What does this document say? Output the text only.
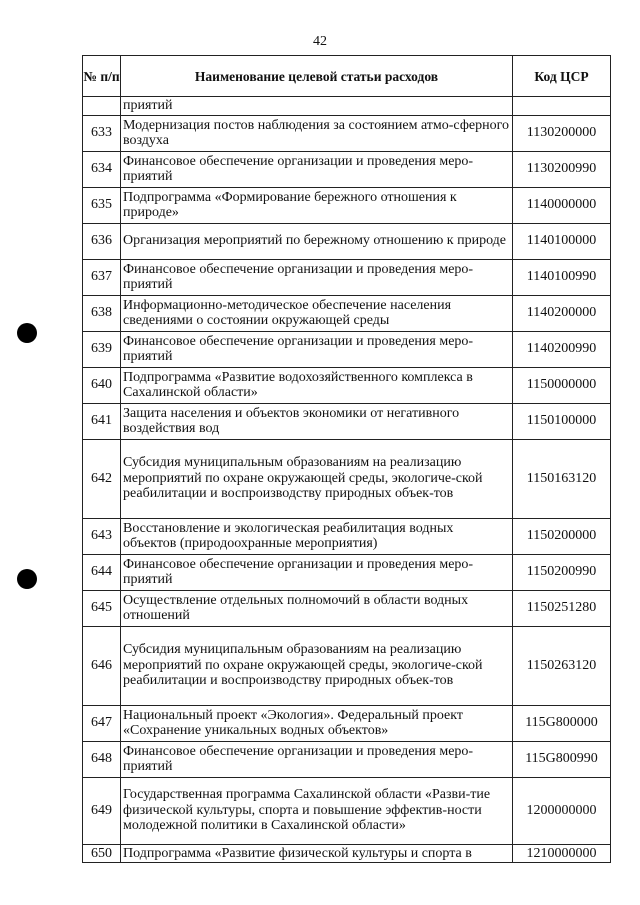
42
№ п/п	Наименование целевой статьи расходов	Код ЦСР
	приятий	
633	Модернизация постов наблюдения за состоянием атмо-сферного воздуха	1130200000
634	Финансовое обеспечение организации и проведения меро-приятий	1130200990
635	Подпрограмма «Формирование бережного отношения к природе»	1140000000
636	Организация мероприятий по бережному отношению к природе	1140100000
637	Финансовое обеспечение организации и проведения меро-приятий	1140100990
638	Информационно-методическое обеспечение населения сведениями о состоянии окружающей среды	1140200000
639	Финансовое обеспечение организации и проведения меро-приятий	1140200990
640	Подпрограмма «Развитие водохозяйственного комплекса в Сахалинской области»	1150000000
641	Защита населения и объектов экономики от негативного воздействия вод	1150100000
642	Субсидия муниципальным образованиям на реализацию мероприятий по охране окружающей среды, экологиче-ской реабилитации и воспроизводству природных объек-тов	1150163120
643	Восстановление и экологическая реабилитация водных объектов (природоохранные мероприятия)	1150200000
644	Финансовое обеспечение организации и проведения меро-приятий	1150200990
645	Осуществление отдельных полномочий в области водных отношений	1150251280
646	Субсидия муниципальным образованиям на реализацию мероприятий по охране окружающей среды, экологиче-ской реабилитации и воспроизводству природных объек-тов	1150263120
647	Национальный проект «Экология». Федеральный проект «Сохранение уникальных водных объектов»	115G800000
648	Финансовое обеспечение организации и проведения меро-приятий	115G800990
649	Государственная программа Сахалинской области «Разви-тие физической культуры, спорта и повышение эффектив-ности молодежной политики в Сахалинской области»	1200000000
650	Подпрограмма «Развитие физической культуры и спорта в	1210000000
